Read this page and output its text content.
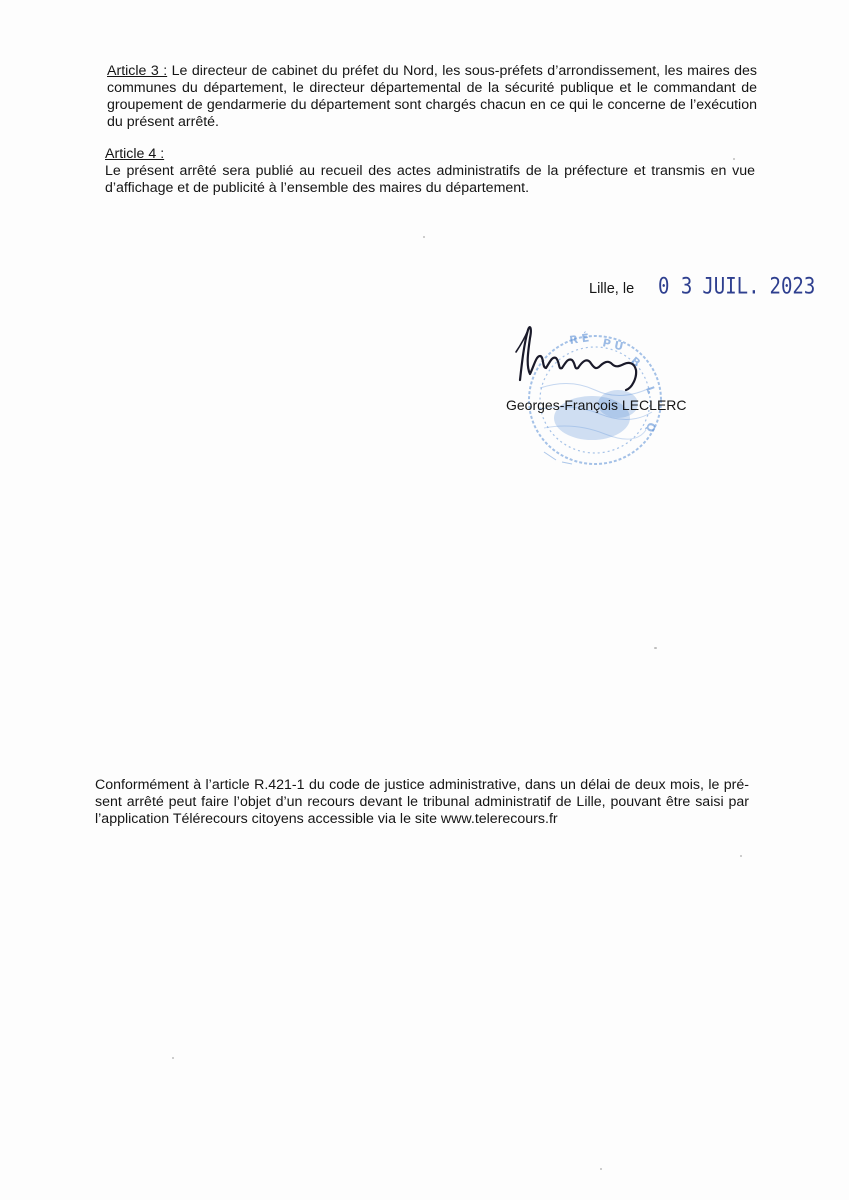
Article 3 : Le directeur de cabinet du préfet du Nord, les sous-préfets d’arrondissement, les maires des
communes du département, le directeur départemental de la sécurité publique et le commandant de
groupement de gendarmerie du département sont chargés chacun en ce qui le concerne de l’exécution
du présent arrêté.
Article 4 :
Le présent arrêté sera publié au recueil des actes administratifs de la préfecture et transmis en vue
d’affichage et de publicité à l’ensemble des maires du département.
Lille, le 0 3 JUIL. 2023
R É P U
B
L
Q
Georges-François LECLERC
Conformément à l’article R.421-1 du code de justice administrative, dans un délai de deux mois, le pré-
sent arrêté peut faire l’objet d’un recours devant le tribunal administratif de Lille, pouvant être saisi par
l’application Télérecours citoyens accessible via le site www.telerecours.fr
